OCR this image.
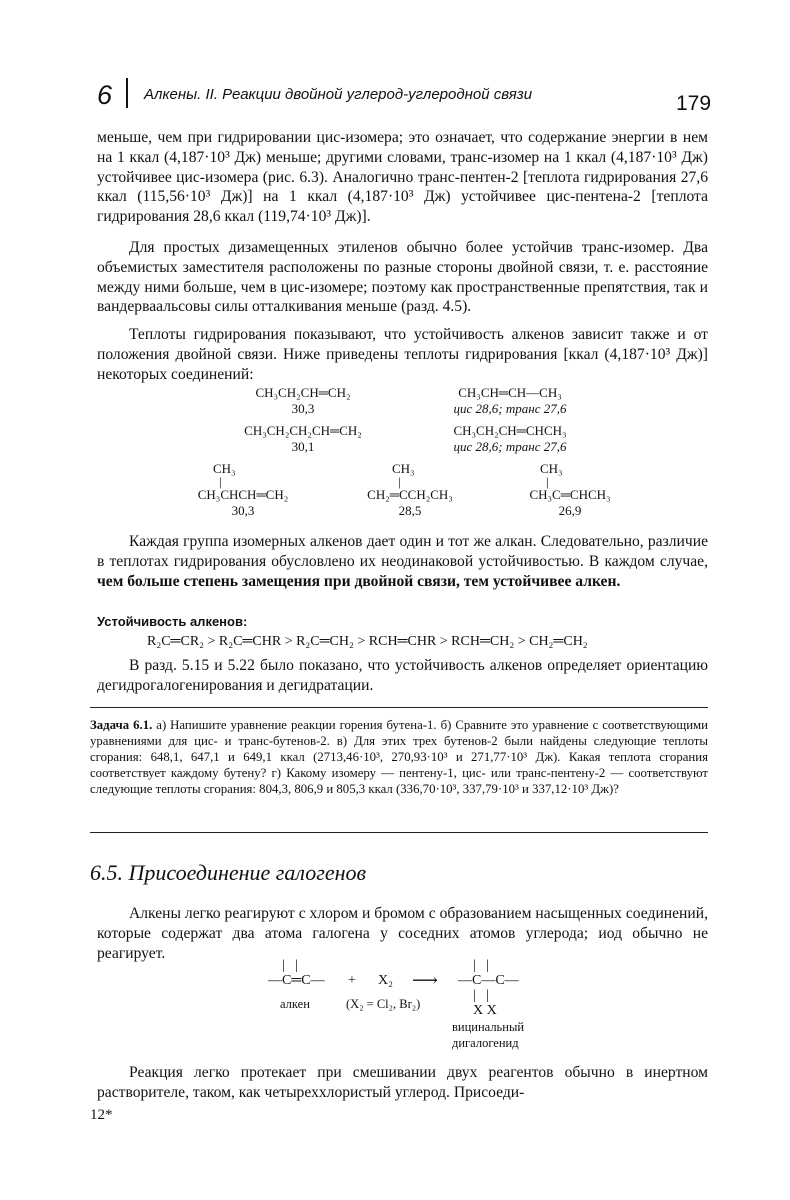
6 Алкены. II. Реакции двойной углерод-углеродной связи	179

меньше, чем при гидрировании цис-изомера; это означает, что содержание энергии в нем на 1 ккал (4,187·10³ Дж) меньше; другими словами, транс-изомер на 1 ккал (4,187·10³ Дж) устойчивее цис-изомера (рис. 6.3). Аналогично транс-пентен-2 [теплота гидрирования 27,6 ккал (115,56·10³ Дж)] на 1 ккал (4,187·10³ Дж) устойчивее цис-пентена-2 [теплота гидрирования 28,6 ккал (119,74·10³ Дж)].

Для простых дизамещенных этиленов обычно более устойчив транс-изомер. Два объемистых заместителя расположены по разные стороны двойной связи, т. е. расстояние между ними больше, чем в цис-изомере; поэтому как пространственные препятствия, так и вандерваальсовы силы отталкивания меньше (разд. 4.5).

Теплоты гидрирования показывают, что устойчивость алкенов зависит также и от положения двойной связи. Ниже приведены теплоты гидрирования [ккал (4,187·10³ Дж)] некоторых соединений:

CH₃CH₂CH═CH₂
30,3
CH₃CH═CH—CH₃
цис 28,6; транс 27,6
CH₃CH₂CH₂CH═CH₂
30,1
CH₃CH₂CH═CHCH₃
цис 28,6; транс 27,6
CH₃
|
CH₃CHCH═CH₂
30,3
CH₃
|
CH₂═CCH₂CH₃
28,5
CH₃
|
CH₃C═CHCH₃
26,9

Каждая группа изомерных алкенов дает один и тот же алкан. Следовательно, различие в теплотах гидрирования обусловлено их неодинаковой устойчивостью. В каждом случае, чем больше степень замещения при двойной связи, тем устойчивее алкен.

Устойчивость алкенов:
R₂C═CR₂ > R₂C═CHR > R₂C═CH₂ > RCH═CHR > RCH═CH₂ > CH₂═CH₂

В разд. 5.15 и 5.22 было показано, что устойчивость алкенов определяет ориентацию дегидрогалогенирования и дегидратации.

Задача 6.1. а) Напишите уравнение реакции горения бутена-1. б) Сравните это уравнение с соответствующими уравнениями для цис- и транс-бутенов-2. в) Для этих трех бутенов-2 были найдены следующие теплоты сгорания: 648,1, 647,1 и 649,1 ккал (2713,46·10³, 270,93·10³ и 271,77·10³ Дж). Какая теплота сгорания соответствует каждому бутену? г) Какому изомеру — пентену-1, цис- или транс-пентену-2 — соответствуют следующие теплоты сгорания: 804,3, 806,9 и 805,3 ккал (336,70·10³, 337,79·10³ и 337,12·10³ Дж)?

6.5. Присоединение галогенов

Алкены легко реагируют с хлором и бромом с образованием насыщенных соединений, которые содержат два атома галогена у соседних атомов углерода; иод обычно не реагирует.

|   |
—C═C— + X₂ ⟶
|   |
—C—C—
|   |
X X
алкен	(X₂ = Cl₂, Br₂)
вицинальный
дигалогенид

Реакция легко протекает при смешивании двух реагентов обычно в инертном растворителе, таком, как четыреххлористый углерод. Присоеди-

12*
